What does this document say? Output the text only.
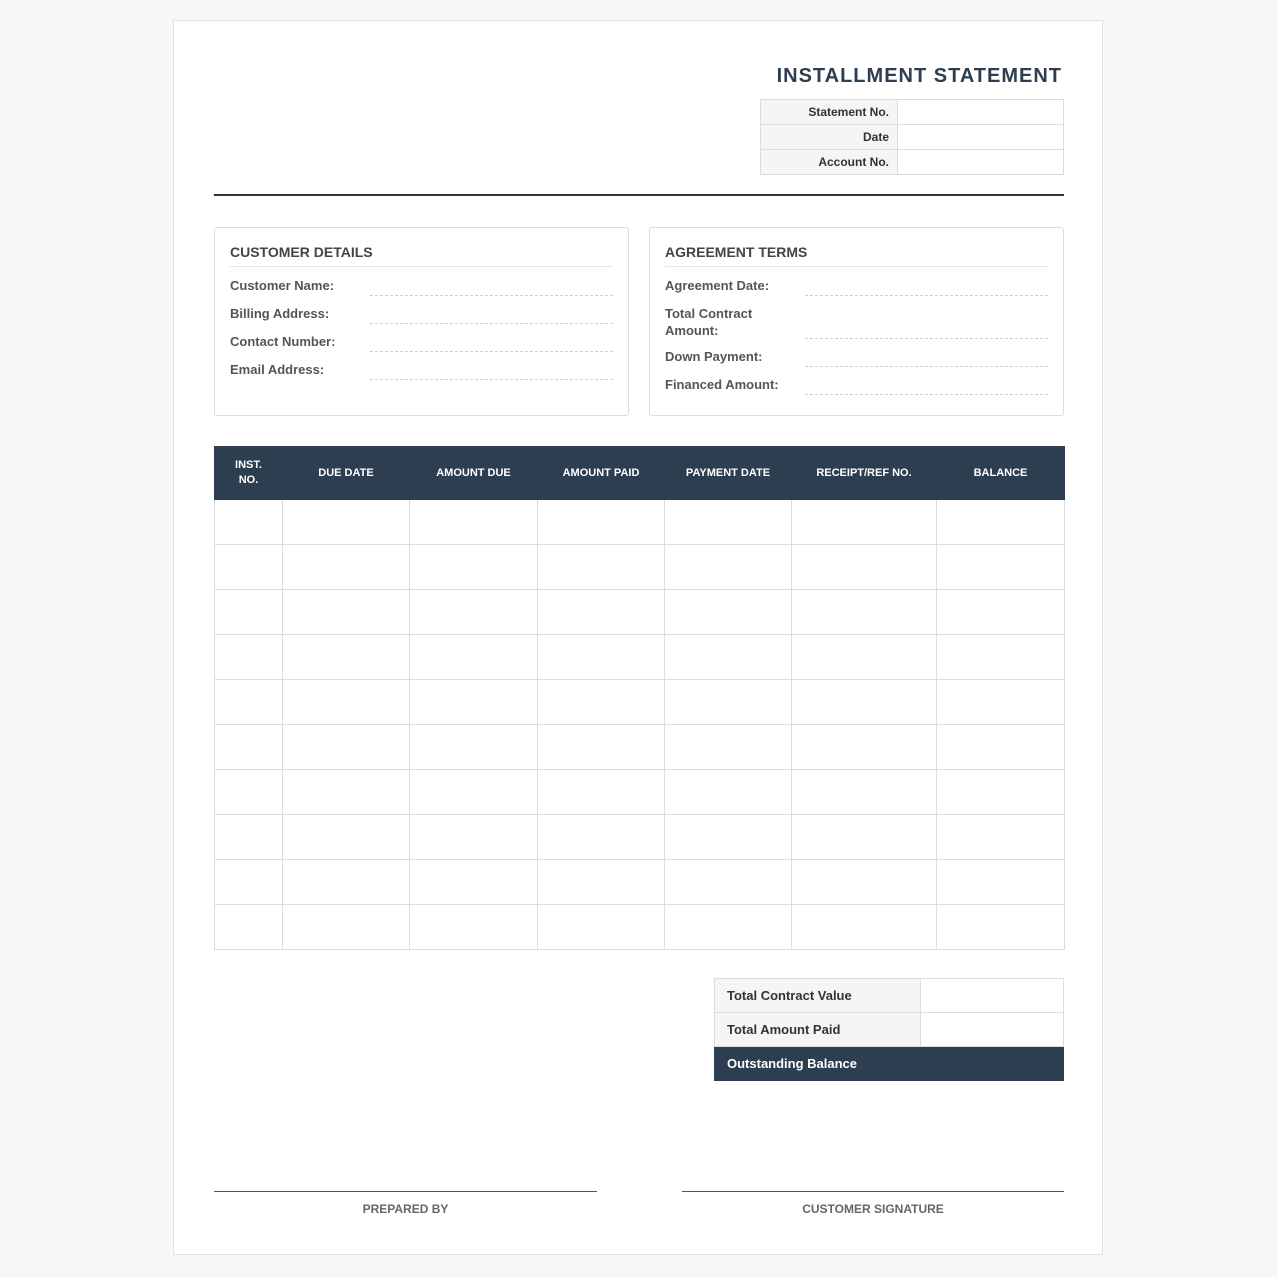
INSTALLMENT STATEMENT
Statement No.	
Date	
Account No.	
CUSTOMER DETAILS
Customer Name:
Billing Address:
Contact Number:
Email Address:
AGREEMENT TERMS
Agreement Date:
Total Contract Amount:
Down Payment:
Financed Amount:
INST. NO.	DUE DATE	AMOUNT DUE	AMOUNT PAID	PAYMENT DATE	RECEIPT/REF NO.	BALANCE

Total Contract Value	
Total Amount Paid	
Outstanding Balance	
PREPARED BY	CUSTOMER SIGNATURE
